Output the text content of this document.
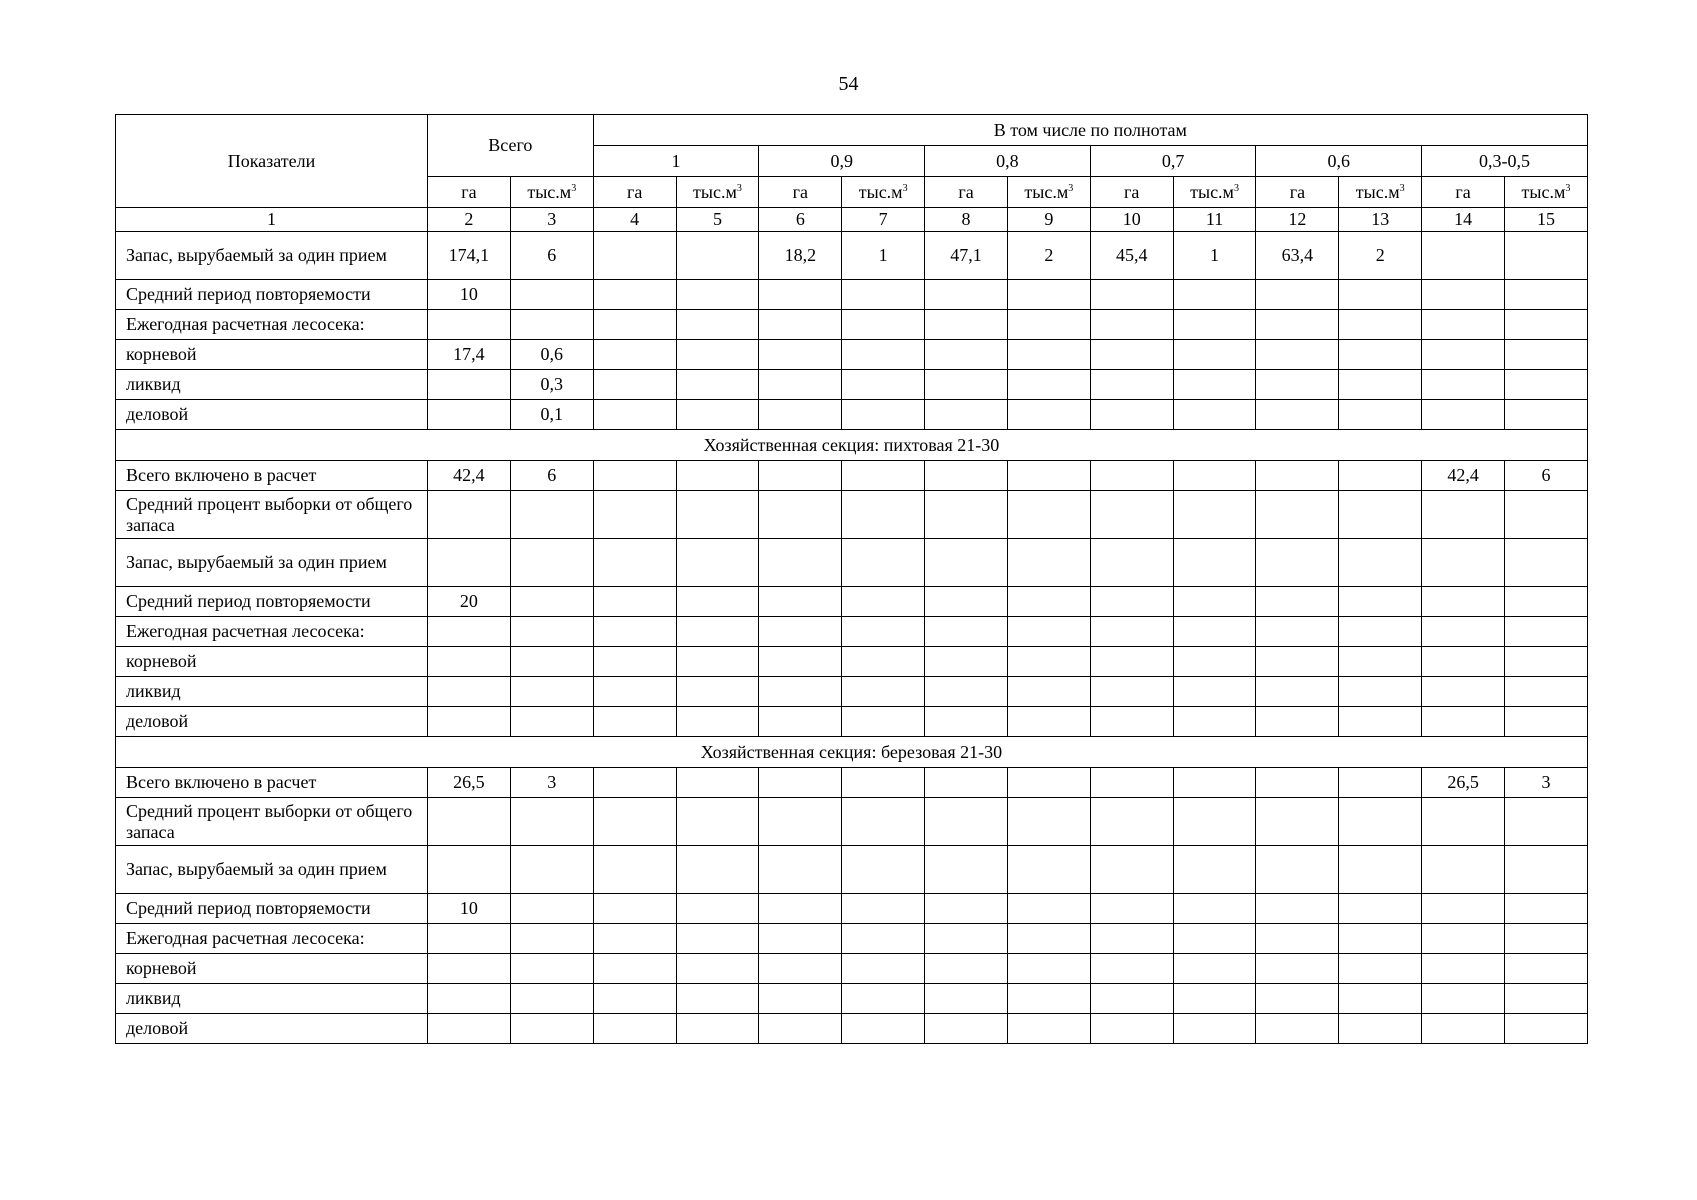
54
Показатели	Всего		В том числе по полнотам											
			1		0,9		0,8		0,7		0,6		0,3-0,5	
	га	$тыс.м^3$	га	$тыс.м^3$	га	$тыс.м^3$	га	$тыс.м^3$	га	$тыс.м^3$	га	$тыс.м^3$	га	$тыс.м^3$
1	2	3	4	5	6	7	8	9	10	11	12	13	14	15
Запас, вырубаемый за один прием	174,1	6			18,2	1	47,1	2	45,4	1	63,4	2		
Средний период повторяемости	10													
Ежегодная расчетная лесосека:														
корневой	17,4	0,6												
ликвид		0,3												
деловой		0,1												
Хозяйственная секция: пихтовая 21-30														
Всего включено в расчет	42,4	6											42,4	6
Средний процент выборки от общего запаса														
Запас, вырубаемый за один прием														
Средний период повторяемости	20													
Ежегодная расчетная лесосека:														
корневой														
ликвид														
деловой														
Хозяйственная секция: березовая 21-30														
Всего включено в расчет	26,5	3											26,5	3
Средний процент выборки от общего запаса														
Запас, вырубаемый за один прием														
Средний период повторяемости	10													
Ежегодная расчетная лесосека:														
корневой														
ликвид														
деловой														
